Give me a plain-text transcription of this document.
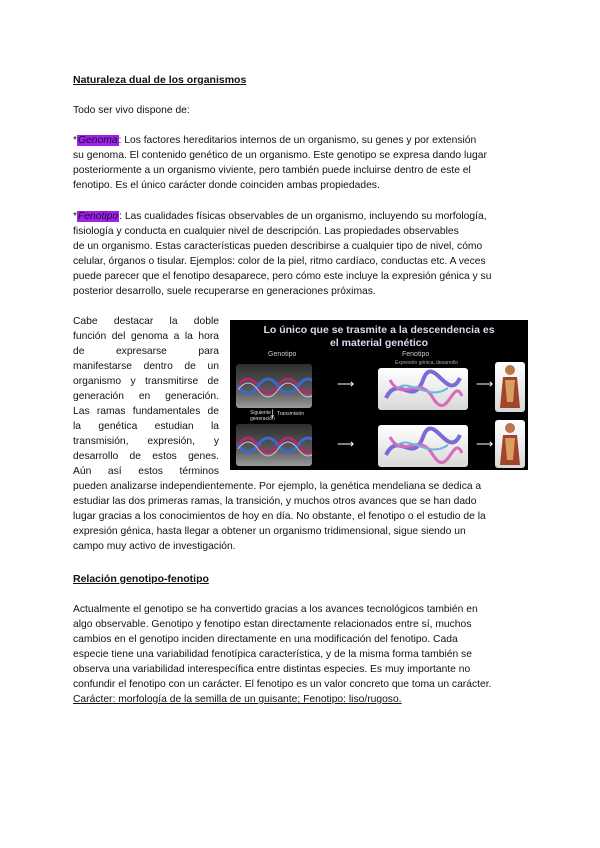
Naturaleza dual de los organismos
Todo ser vivo dispone de:
*Genoma: Los factores hereditarios internos de un organismo, su genes y por extensión
su genoma. El contenido genético de un organismo. Este genotipo se expresa dando lugar
posteriormente a un organismo viviente, pero también puede incluirse dentro de este el
fenotipo. Es el único carácter donde coinciden ambas propiedades.
*Fenotipo: Las cualidades físicas observables de un organismo, incluyendo su morfología,
fisiología y conducta en cualquier nivel de descripción. Las propiedades observables
de un organismo. Estas características pueden describirse a cualquier tipo de nivel, cómo
celular, órganos o tisular. Ejemplos: color de la piel, ritmo cardíaco, conductas etc. A veces
puede parecer que el fenotipo desaparece, pero cómo este incluye la expresión génica y su
posterior desarrollo, suele recuperarse en generaciones próximas.
Cabe destacar la doble
función del genoma a la hora
de expresarse para
manifestarse dentro de un
organismo y transmitirse de
generación en generación.
Las ramas fundamentales de
la genética estudian la
transmisión, expresión, y
desarrollo de estos genes.
Aún así estos términos
Lo único que se trasmite a la descendencia es
el material genético
Genotipo	Fenotipo
Expresión génica, desarrollo
⟶	⟶
Siguiente generación
↓ Transmisión
⟶	⟶
pueden analizarse independientemente. Por ejemplo, la genética mendeliana se dedica a
estudiar las dos primeras ramas, la transición, y muchos otros avances que se han dado
lugar gracias a los conocimientos de hoy en día. No obstante, el fenotipo o el estudio de la
expresión génica, hasta llegar a obtener un organismo tridimensional, sigue siendo un
campo muy activo de investigación.
Relación genotipo-fenotipo
Actualmente el genotipo se ha convertido gracias a los avances tecnológicos también en
algo observable. Genotipo y fenotipo estan directamente relacionados entre sí, muchos
cambios en el genotipo inciden directamente en una modificación del fenotipo. Cada
especie tiene una variabilidad fenotípica característica, y de la misma forma también se
observa una variabilidad interespecífica entre distintas especies. Es muy importante no
confundir el fenotipo con un carácter. El fenotipo es un valor concreto que toma un carácter.
Carácter: morfología de la semilla de un guisante; Fenotipo: liso/rugoso.
